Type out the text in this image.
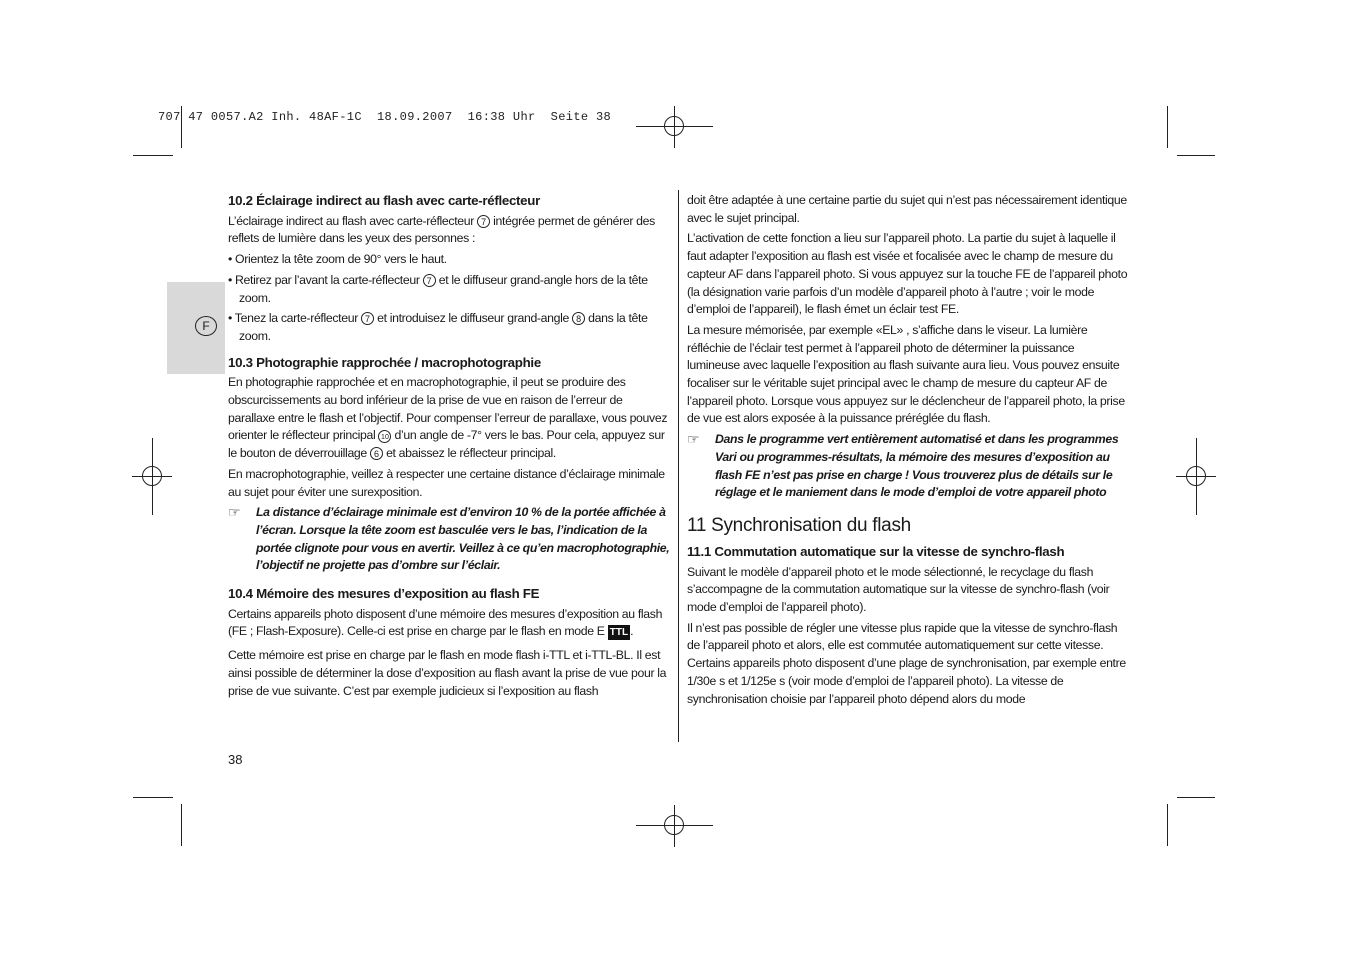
707 47 0057.A2 Inh. 48AF-1C  18.09.2007  16:38 Uhr  Seite 38
F
10.2 Éclairage indirect au flash avec carte-réflecteur

L’éclairage indirect au flash avec carte-réflecteur 7 intégrée permet de générer des reflets de lumière dans les yeux des personnes :

• Orientez la tête zoom de 90° vers le haut.

• Retirez par l’avant la carte-réflecteur 7 et le diffuseur grand-angle hors de la tête zoom.

• Tenez la carte-réflecteur 7 et introduisez le diffuseur grand-angle 8 dans la tête zoom.

10.3 Photographie rapprochée / macrophotographie

En photographie rapprochée et en macrophotographie, il peut se produire des obscurcissements au bord inférieur de la prise de vue en raison de l’erreur de parallaxe entre le flash et l’objectif. Pour compenser l’erreur de parallaxe, vous pouvez orienter le réflecteur principal 10 d’un angle de -7° vers le bas. Pour cela, appuyez sur le bouton de déverrouillage 6 et abaissez le réflecteur principal.

En macrophotographie, veillez à respecter une certaine distance d’éclairage minimale au sujet pour éviter une surexposition.

☞ La distance d’éclairage minimale est d’environ 10 % de la portée affichée à l’écran. Lorsque la tête zoom est basculée vers le bas, l’indication de la portée clignote pour vous en avertir. Veillez à ce qu’en macrophotographie, l’objectif ne projette pas d’ombre sur l’éclair.

10.4 Mémoire des mesures d’exposition au flash FE

Certains appareils photo disposent d’une mémoire des mesures d’exposition au flash (FE ; Flash-Exposure). Celle-ci est prise en charge par le flash en mode E TTL .

Cette mémoire est prise en charge par le flash en mode flash i-TTL et i-TTL-BL. Il est ainsi possible de déterminer la dose d’exposition au flash avant la prise de vue pour la prise de vue suivante. C’est par exemple judicieux si l’exposition au flash

38

doit être adaptée à une certaine partie du sujet qui n’est pas nécessairement identique avec le sujet principal.

L’activation de cette fonction a lieu sur l’appareil photo. La partie du sujet à laquelle il faut adapter l’exposition au flash est visée et focalisée avec le champ de mesure du capteur AF dans l’appareil photo. Si vous appuyez sur la touche FE de l’appareil photo (la désignation varie parfois d’un modèle d’appareil photo à l’autre ; voir le mode d’emploi de l’appareil), le flash émet un éclair test FE.

La mesure mémorisée, par exemple «EL» , s’affiche dans le viseur. La lumière réfléchie de l’éclair test permet à l’appareil photo de déterminer la puissance lumineuse avec laquelle l’exposition au flash suivante aura lieu. Vous pouvez ensuite focaliser sur le véritable sujet principal avec le champ de mesure du capteur AF de l’appareil photo. Lorsque vous appuyez sur le déclencheur de l’appareil photo, la prise de vue est alors exposée à la puissance préréglée du flash.

☞ Dans le programme vert entièrement automatisé et dans les programmes Vari ou programmes-résultats, la mémoire des mesures d’exposition au flash FE n’est pas prise en charge ! Vous trouverez plus de détails sur le réglage et le maniement dans le mode d’emploi de votre appareil photo

11 Synchronisation du flash
11.1 Commutation automatique sur la vitesse de synchro-flash

Suivant le modèle d’appareil photo et le mode sélectionné, le recyclage du flash s’accompagne de la commutation automatique sur la vitesse de synchro-flash (voir mode d’emploi de l’appareil photo).

Il n’est pas possible de régler une vitesse plus rapide que la vitesse de synchro-flash de l’appareil photo et alors, elle est commutée automatiquement sur cette vitesse. Certains appareils photo disposent d’une plage de synchronisation, par exemple entre 1/30e s et 1/125e s (voir mode d’emploi de l’appareil photo). La vitesse de synchronisation choisie par l’appareil photo dépend alors du mode
